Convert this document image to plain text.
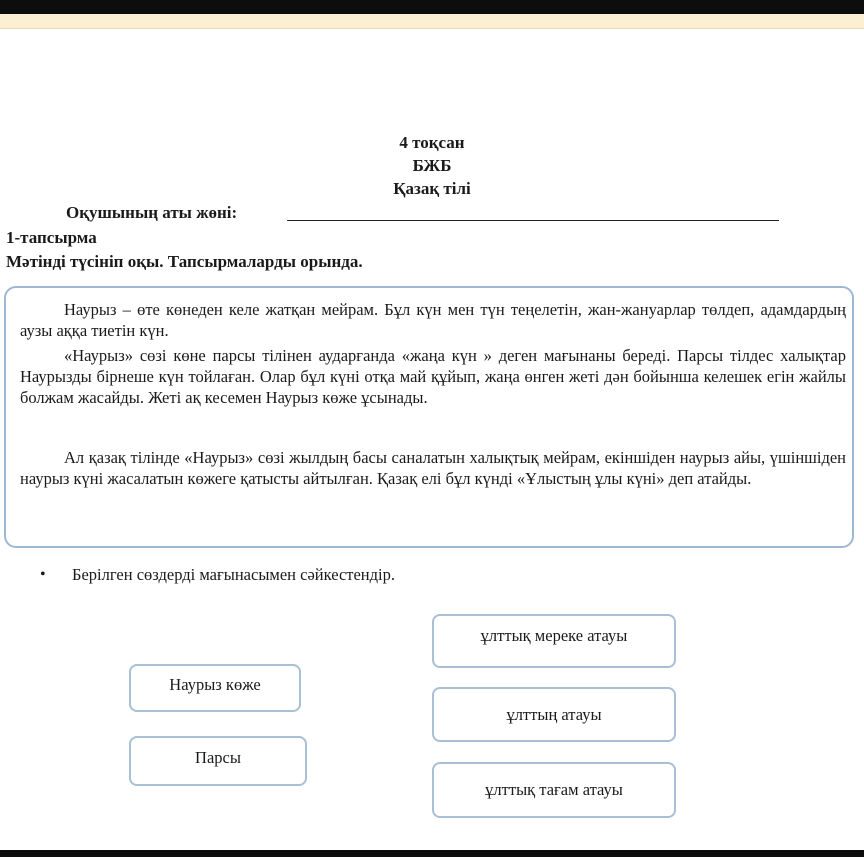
4 тоқсан
БЖБ
Қазақ тілі
Оқушының аты жөні:
1-тапсырма
Мәтінді түсініп оқы. Тапсырмаларды орында.

Наурыз – өте көнеден келе жатқан мейрам. Бұл күн мен түн теңелетін, жан-жануарлар төлдеп, адамдардың аузы аққа тиетін күн.

«Наурыз» сөзі көне парсы тілінен аударғанда «жаңа күн » деген мағынаны береді. Парсы тілдес халықтар Наурызды бірнеше күн тойлаған. Олар бұл күні отқа май құйып, жаңа өнген жеті дән бойынша келешек егін жайлы болжам жасайды. Жеті ақ кесемен Наурыз көже ұсынады.

Ал қазақ тілінде «Наурыз» сөзі жылдың басы саналатын халықтық мейрам, екіншіден наурыз айы, үшіншіден наурыз күні жасалатын көжеге қатысты айтылған. Қазақ елі бұл күнді «Ұлыстың ұлы күні» деп атайды.

• Берілген сөздерді мағынасымен сәйкестендір.
Наурыз көже
Парсы
ұлттық мереке атауы
ұлттың атауы
ұлттық тағам атауы
